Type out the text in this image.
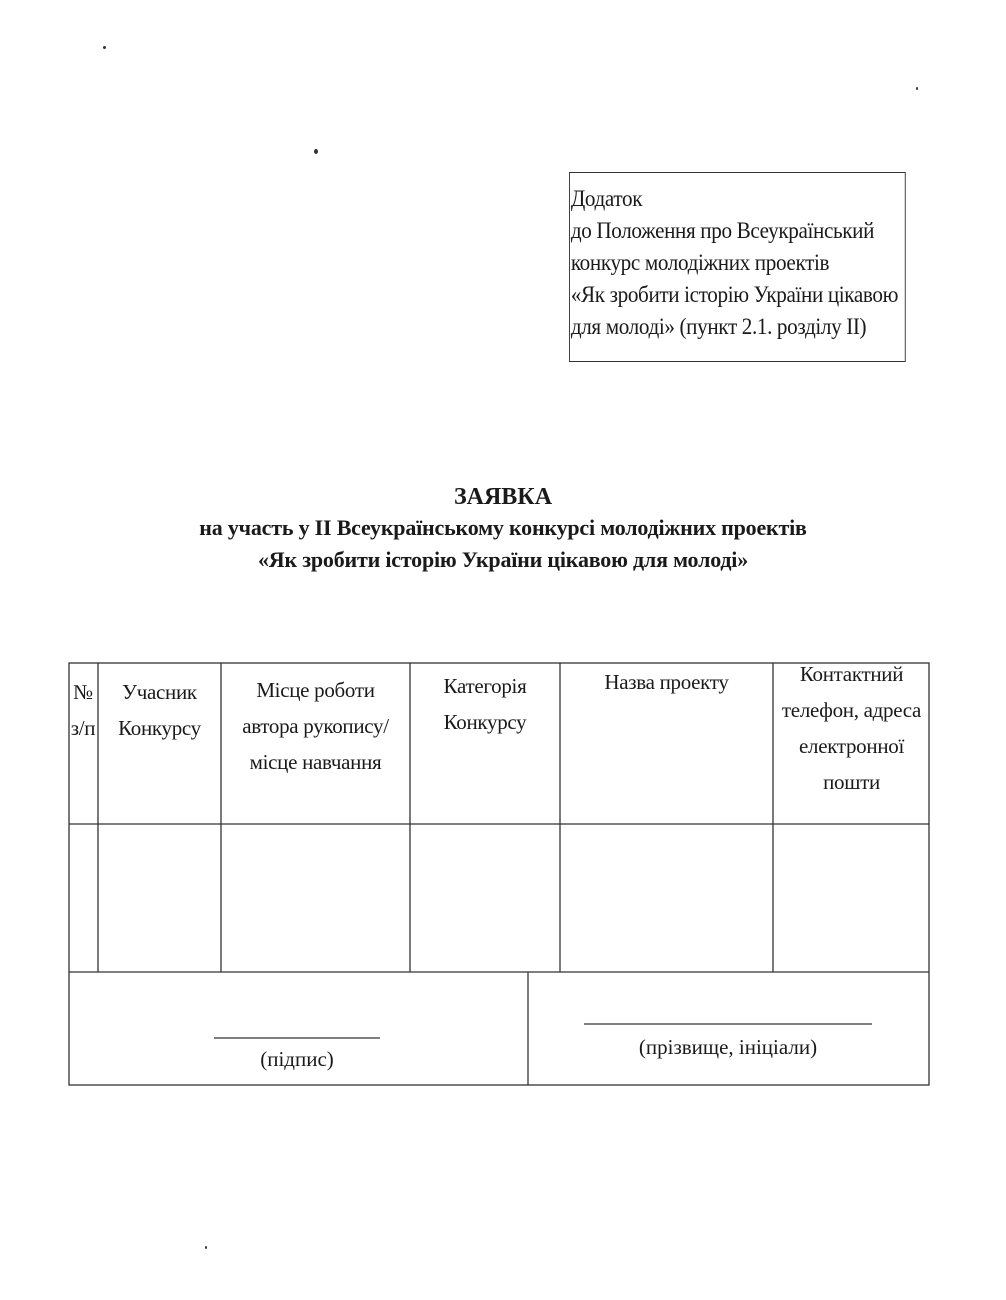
Додаток
до Положення про Всеукраїнський
конкурс молодіжних проектів
«Як зробити історію України цікавою
для молоді» (пункт 2.1. розділу ІІ)
ЗАЯВКА
на участь у ІІ Всеукраїнському конкурсі молодіжних проектів
«Як зробити історію України цікавою для молоді»
№
з/п
Учасник
Конкурсу
Місце роботи
автора рукопису/
місце навчання
Категорія
Конкурсу
Назва проекту	Контактний
телефон, адреса
електронної
пошти
(підпис)	(прізвище, ініціали)
